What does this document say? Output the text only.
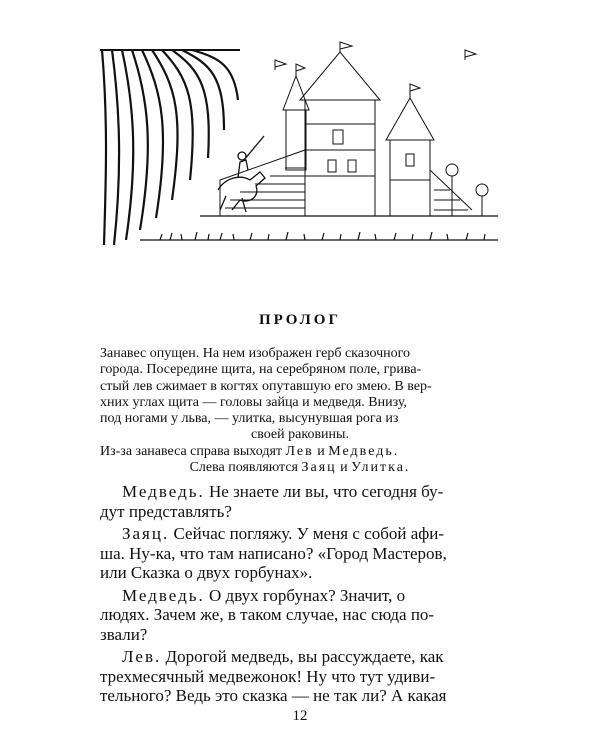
ПРОЛОГ
Занавес опущен. На нем изображен герб сказочного
города. Посередине щита, на серебряном поле, грива-
стый лев сжимает в когтях опутавшую его змею. В вер-
хних углах щита — головы зайца и медведя. Внизу,
под ногами у льва, — улитка, высунувшая рога из
своей раковины.
Из-за занавеса справа выходят Лев и Медведь.
Слева появляются Заяц и Улитка.
Медведь. Не знаете ли вы, что сегодня бу-
дут представлять?
Заяц. Сейчас погляжу. У меня с собой афи-
ша. Ну-ка, что там написано? «Город Мастеров,
или Сказка о двух горбунах».
Медведь. О двух горбунах? Значит, о
людях. Зачем же, в таком случае, нас сюда по-
звали?
Лев. Дорогой медведь, вы рассуждаете, как
трехмесячный медвежонок! Ну что тут удиви-
тельного? Ведь это сказка — не так ли? А какая
12
